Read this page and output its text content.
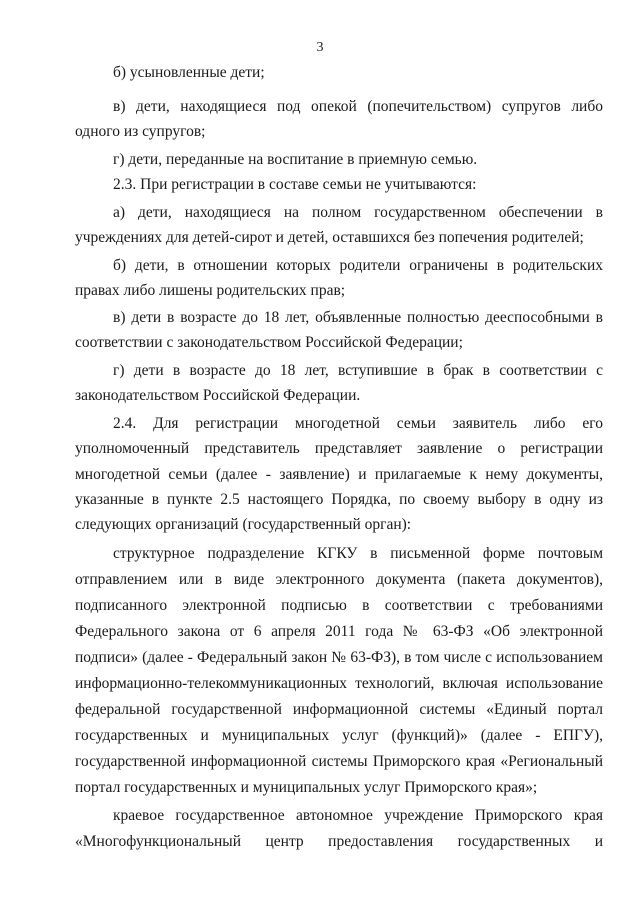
3
б) усыновленные дети;
в) дети, находящиеся под опекой (попечительством) супругов либо
одного из супругов;
г) дети, переданные на воспитание в приемную семью.
2.3. При регистрации в составе семьи не учитываются:
а) дети, находящиеся на полном государственном обеспечении в
учреждениях для детей-сирот и детей, оставшихся без попечения родителей;
б) дети, в отношении которых родители ограничены в родительских
правах либо лишены родительских прав;
в) дети в возрасте до 18 лет, объявленные полностью дееспособными в
соответствии с законодательством Российской Федерации;
г) дети в возрасте до 18 лет, вступившие в брак в соответствии с
законодательством Российской Федерации.
2.4. Для регистрации многодетной семьи заявитель либо его
уполномоченный представитель представляет заявление о регистрации
многодетной семьи (далее - заявление) и прилагаемые к нему документы,
указанные в пункте 2.5 настоящего Порядка, по своему выбору в одну из
следующих организаций (государственный орган):
структурное подразделение КГКУ в письменной форме почтовым
отправлением или в виде электронного документа (пакета документов),
подписанного электронной подписью в соответствии с требованиями
Федерального закона от 6 апреля 2011 года № 63-ФЗ «Об электронной
подписи» (далее - Федеральный закон № 63-ФЗ), в том числе с использованием
информационно-телекоммуникационных технологий, включая использование
федеральной государственной информационной системы «Единый портал
государственных и муниципальных услуг (функций)» (далее - ЕПГУ),
государственной информационной системы Приморского края «Региональный
портал государственных и муниципальных услуг Приморского края»;
краевое государственное автономное учреждение Приморского края
«Многофункциональный центр предоставления государственных и
